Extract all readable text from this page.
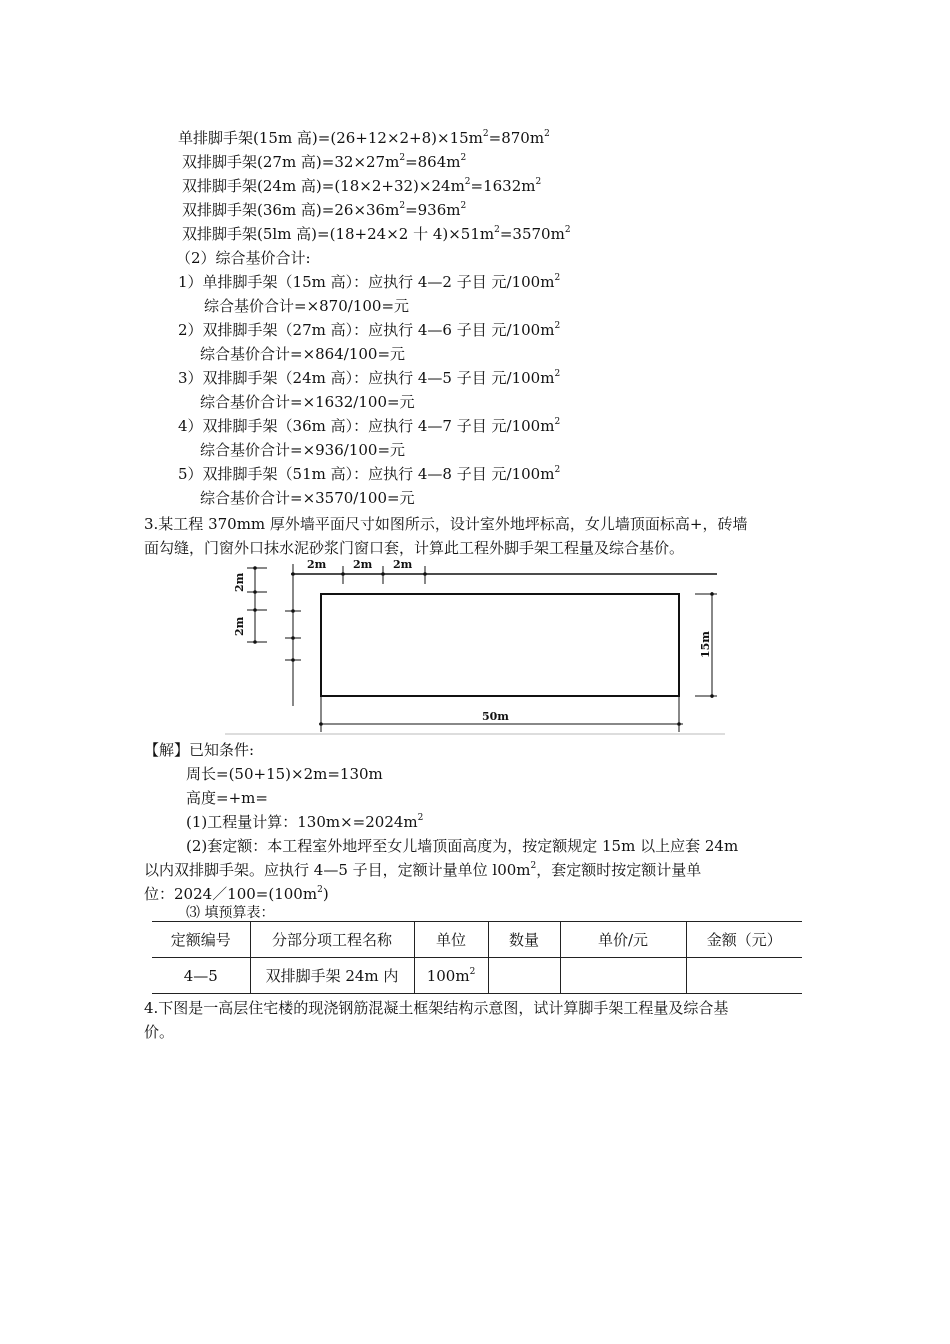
单排脚手架(15m 高)$=(26+12\times 2+8)\times 15m^2=870m^2$
双排脚手架(27m 高)$=32\times 27m^2=864m^2$
双排脚手架(24m 高)$=(18\times 2+32)\times 24m^2=1632m^2$
双排脚手架(36m 高)$=26\times 36m^2=936m^2$
双排脚手架(5lm 高)=(18+24×2 十 $4)\times 51m^2=3570m^2$
（2）综合基价合计:
1）单排脚手架（15m 高）：应执行 4—2 子目 元$/100m^2$
综合基价合计=×870/100=元
2）双排脚手架（27m 高）：应执行 4—6 子目 元$/100m^2$
综合基价合计=×864/100=元
3）双排脚手架（24m 高）：应执行 4—5 子目 元$/100m^2$
综合基价合计=×1632/100=元
4）双排脚手架（36m 高）：应执行 4—7 子目 元$/100m^2$
综合基价合计=×936/100=元
5）双排脚手架（51m 高）：应执行 4—8 子目 元$/100m^2$
综合基价合计=×3570/100=元
3.某工程 370mm 厚外墙平面尺寸如图所示，设计室外地坪标高，女儿墙顶面标高+，砖墙
面勾缝，门窗外口抹水泥砂浆门窗口套，计算此工程外脚手架工程量及综合基价。
2m 2m 2m
2m
2m
15m
50m
【解】已知条件:
周长=(50+15)×2m=130m
高度=+m=
(1)工程量计算：$130m\times=2024m^2$
(2)套定额：本工程室外地坪至女儿墙顶面高度为，按定额规定 15m 以上应套 24m
以内双排脚手架。应执行 4—5 子目，定额计量单位 $l00m^2$，套定额时按定额计量单
位：$2024/100=(100m^2)$
⑶ 填预算表：
定额编号	分部分项工程名称	单位	数量	单价/元	金额（元）
4—5	双排脚手架 24m 内	$100m^2$			
4.下图是一高层住宅楼的现浇钢筋混凝土框架结构示意图，试计算脚手架工程量及综合基
价。
